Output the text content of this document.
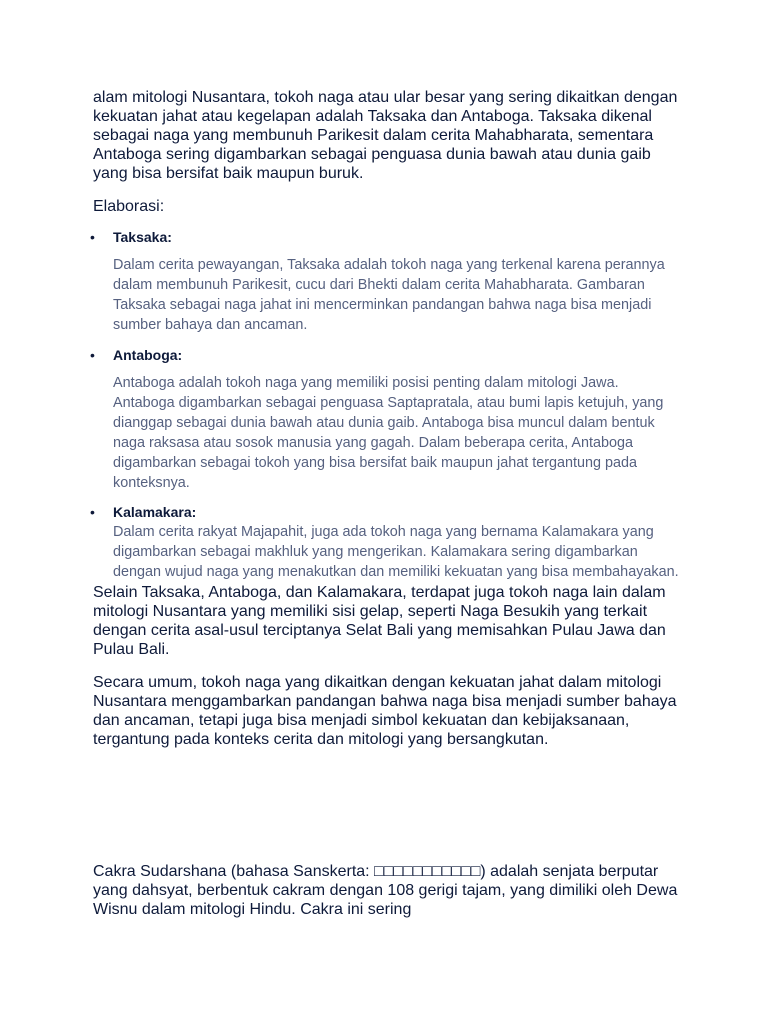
alam mitologi Nusantara, tokoh naga atau ular besar yang sering dikaitkan dengan kekuatan jahat atau kegelapan adalah Taksaka dan Antaboga. Taksaka dikenal sebagai naga yang membunuh Parikesit dalam cerita Mahabharata, sementara Antaboga sering digambarkan sebagai penguasa dunia bawah atau dunia gaib yang bisa bersifat baik maupun buruk.

Elaborasi:

• Taksaka:

Dalam cerita pewayangan, Taksaka adalah tokoh naga yang terkenal karena perannya dalam membunuh Parikesit, cucu dari Bhekti dalam cerita Mahabharata. Gambaran Taksaka sebagai naga jahat ini mencerminkan pandangan bahwa naga bisa menjadi sumber bahaya dan ancaman.

• Antaboga:

Antaboga adalah tokoh naga yang memiliki posisi penting dalam mitologi Jawa. Antaboga digambarkan sebagai penguasa Saptapratala, atau bumi lapis ketujuh, yang dianggap sebagai dunia bawah atau dunia gaib. Antaboga bisa muncul dalam bentuk naga raksasa atau sosok manusia yang gagah. Dalam beberapa cerita, Antaboga digambarkan sebagai tokoh yang bisa bersifat baik maupun jahat tergantung pada konteksnya.

• Kalamakara:

Dalam cerita rakyat Majapahit, juga ada tokoh naga yang bernama Kalamakara yang digambarkan sebagai makhluk yang mengerikan. Kalamakara sering digambarkan dengan wujud naga yang menakutkan dan memiliki kekuatan yang bisa membahayakan.

Selain Taksaka, Antaboga, dan Kalamakara, terdapat juga tokoh naga lain dalam mitologi Nusantara yang memiliki sisi gelap, seperti Naga Besukih yang terkait dengan cerita asal-usul terciptanya Selat Bali yang memisahkan Pulau Jawa dan Pulau Bali.

Secara umum, tokoh naga yang dikaitkan dengan kekuatan jahat dalam mitologi Nusantara menggambarkan pandangan bahwa naga bisa menjadi sumber bahaya dan ancaman, tetapi juga bisa menjadi simbol kekuatan dan kebijaksanaan, tergantung pada konteks cerita dan mitologi yang bersangkutan.

Cakra Sudarshana (bahasa Sanskerta: □□□□□□□□□□□) adalah senjata berputar yang dahsyat, berbentuk cakram dengan 108 gerigi tajam, yang dimiliki oleh Dewa Wisnu dalam mitologi Hindu. Cakra ini sering
